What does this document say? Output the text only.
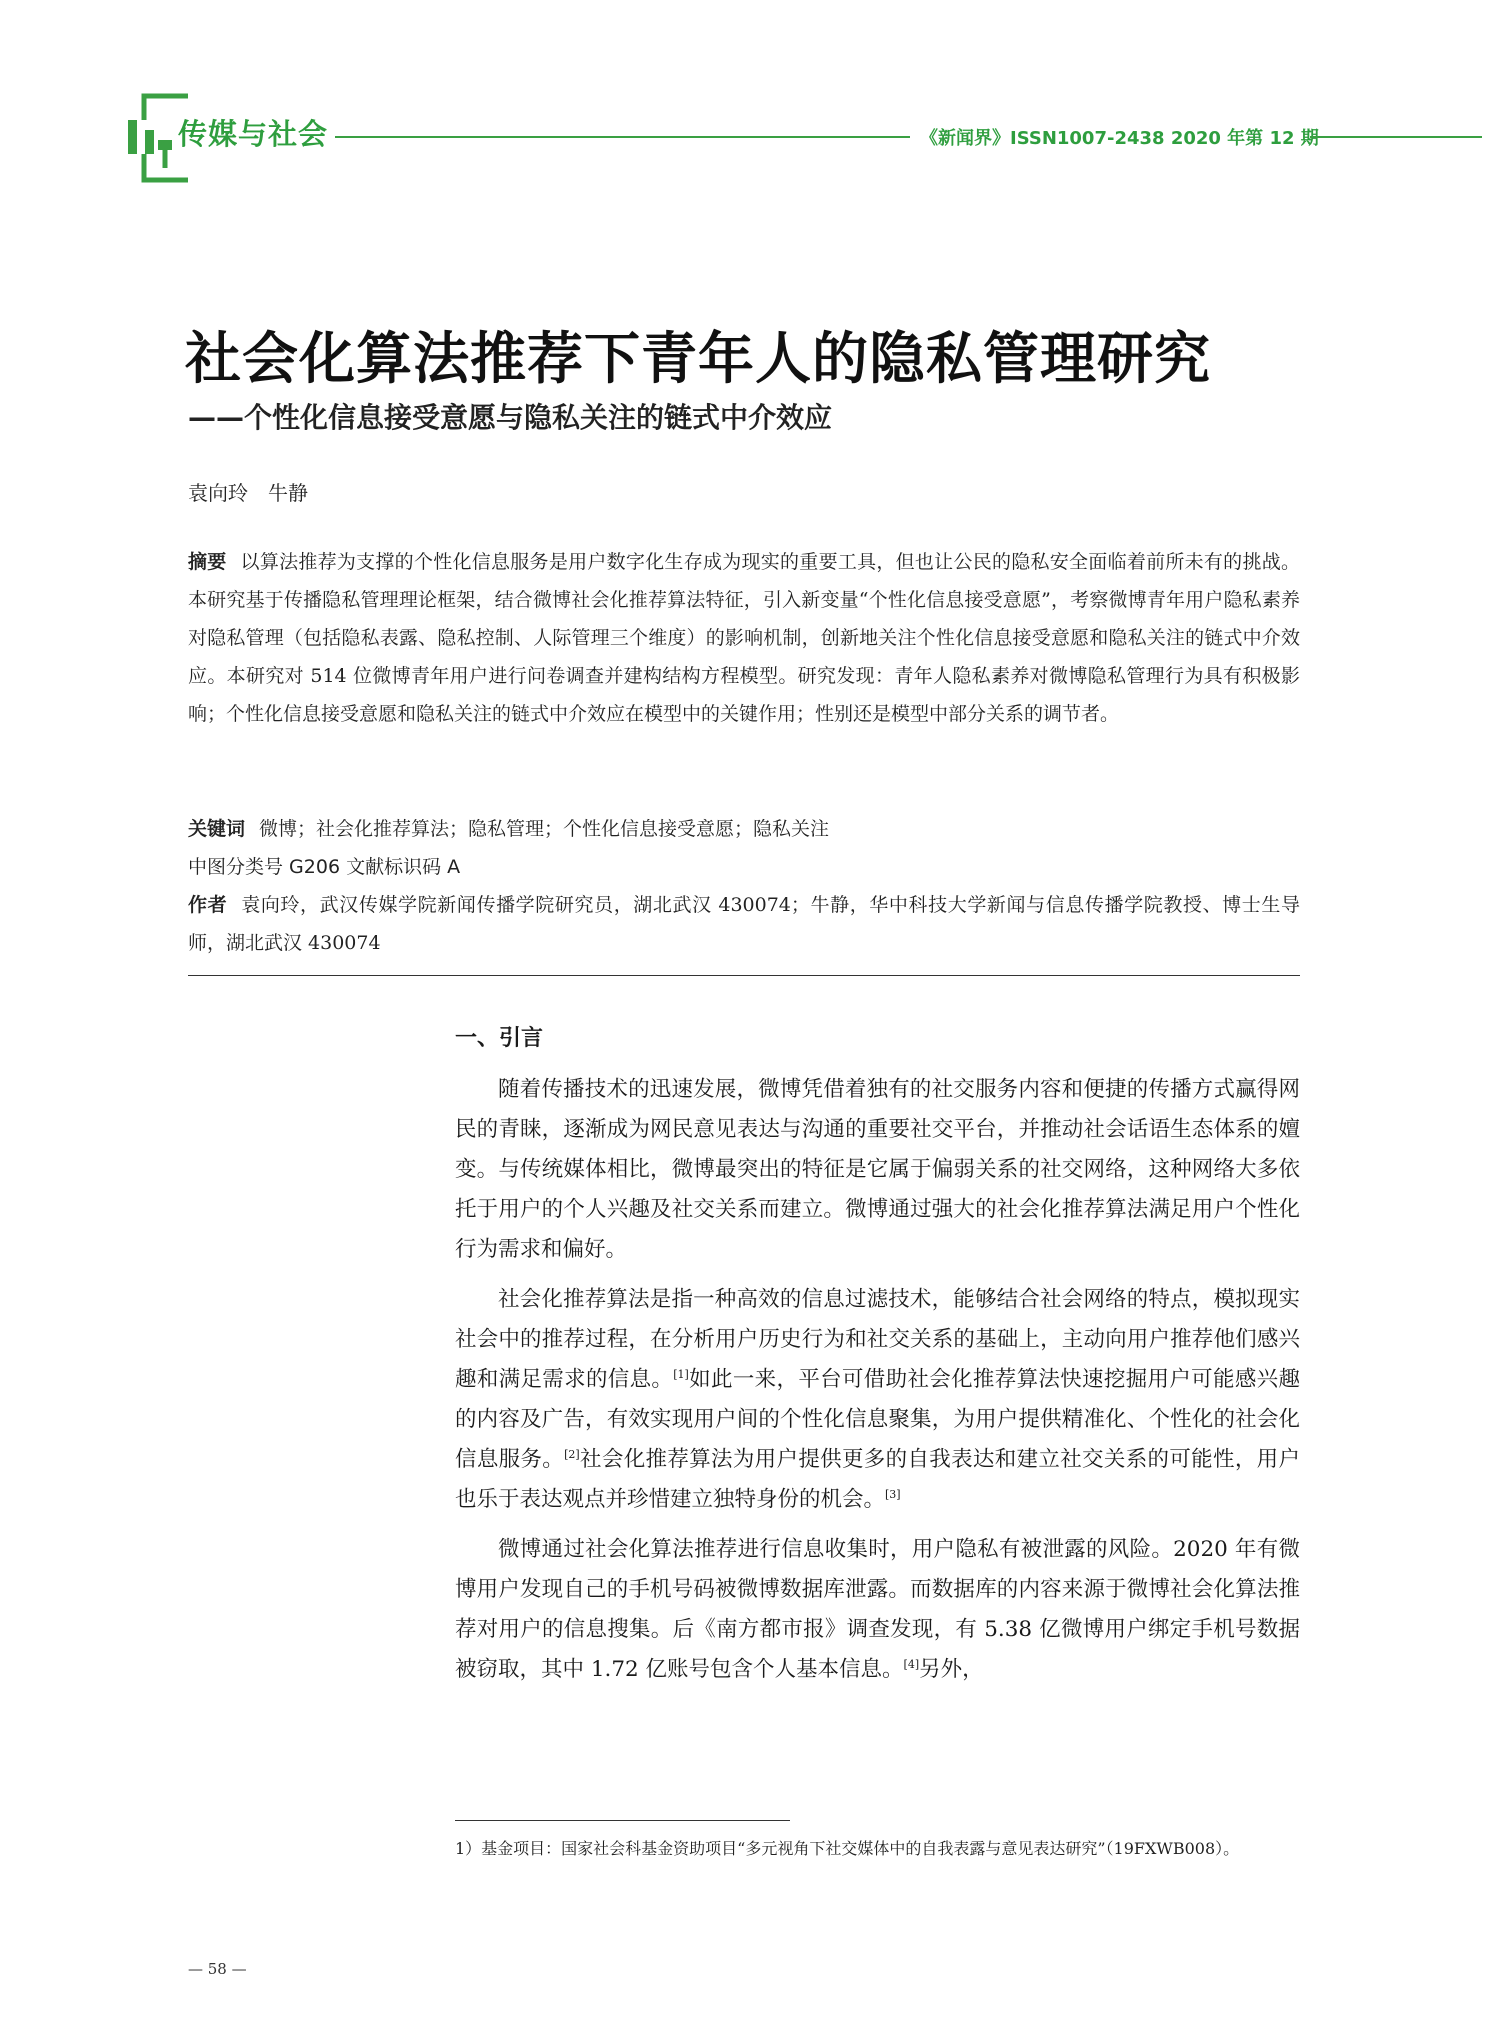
传媒与社会	《新闻界》ISSN1007-2438 2020 年第 12 期
社会化算法推荐下青年人的隐私管理研究
——个性化信息接受意愿与隐私关注的链式中介效应
袁向玲　牛静
摘要 以算法推荐为支撑的个性化信息服务是用户数字化生存成为现实的重要工具，但也让公民的隐私安全面临着前所未有的挑战。本研究基于传播隐私管理理论框架，结合微博社会化推荐算法特征，引入新变量“个性化信息接受意愿”，考察微博青年用户隐私素养对隐私管理（包括隐私表露、隐私控制、人际管理三个维度）的影响机制，创新地关注个性化信息接受意愿和隐私关注的链式中介效应。本研究对 514 位微博青年用户进行问卷调查并建构结构方程模型。研究发现：青年人隐私素养对微博隐私管理行为具有积极影响；个性化信息接受意愿和隐私关注的链式中介效应在模型中的关键作用；性别还是模型中部分关系的调节者。
关键词 微博；社会化推荐算法；隐私管理；个性化信息接受意愿；隐私关注
中图分类号 G206 文献标识码 A
作者 袁向玲，武汉传媒学院新闻传播学院研究员，湖北武汉 430074；牛静，华中科技大学新闻与信息传播学院教授、博士生导师，湖北武汉 430074
一、引言

随着传播技术的迅速发展，微博凭借着独有的社交服务内容和便捷的传播方式赢得网民的青睐，逐渐成为网民意见表达与沟通的重要社交平台，并推动社会话语生态体系的嬗变。与传统媒体相比，微博最突出的特征是它属于偏弱关系的社交网络，这种网络大多依托于用户的个人兴趣及社交关系而建立。微博通过强大的社会化推荐算法满足用户个性化行为需求和偏好。

社会化推荐算法是指一种高效的信息过滤技术，能够结合社会网络的特点，模拟现实社会中的推荐过程，在分析用户历史行为和社交关系的基础上，主动向用户推荐他们感兴趣和满足需求的信息。[1]如此一来，平台可借助社会化推荐算法快速挖掘用户可能感兴趣的内容及广告，有效实现用户间的个性化信息聚集，为用户提供精准化、个性化的社会化信息服务。[2]社会化推荐算法为用户提供更多的自我表达和建立社交关系的可能性，用户也乐于表达观点并珍惜建立独特身份的机会。[3]

微博通过社会化算法推荐进行信息收集时，用户隐私有被泄露的风险。2020 年有微博用户发现自己的手机号码被微博数据库泄露。而数据库的内容来源于微博社会化算法推荐对用户的信息搜集。后《南方都市报》调查发现，有 5.38 亿微博用户绑定手机号数据被窃取，其中 1.72 亿账号包含个人基本信息。[4]另外，

1）基金项目：国家社会科基金资助项目“多元视角下社交媒体中的自我表露与意见表达研究”（19FXWB008）。
— 58 —
